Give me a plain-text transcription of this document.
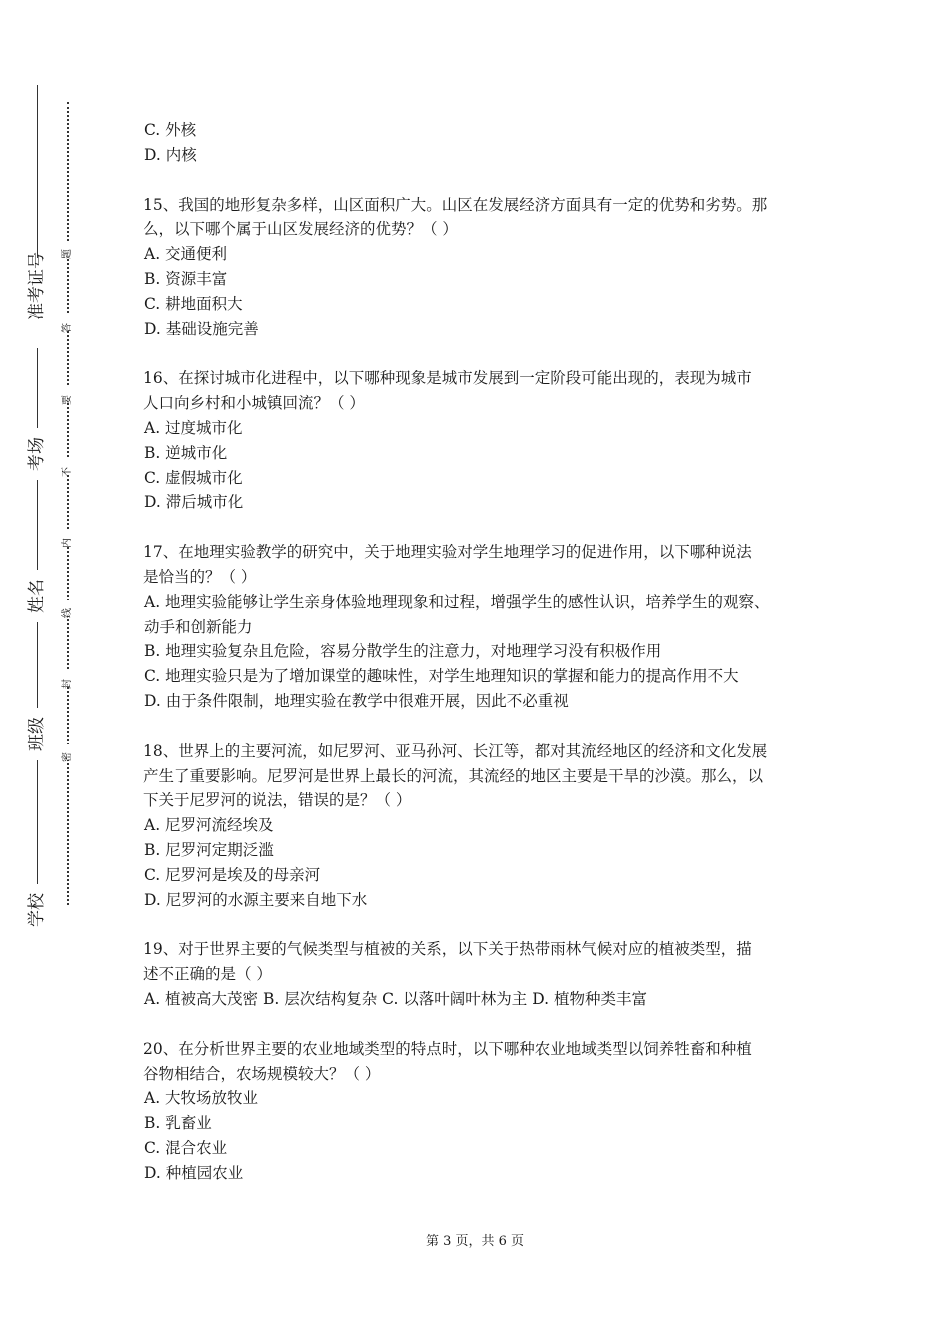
学校
班级
姓名
考场
准考证号	题
答
要
不
内
线
封
密
C. 外核
D. 内核
15、我国的地形复杂多样，山区面积广大。山区在发展经济方面具有一定的优势和劣势。那
么，以下哪个属于山区发展经济的优势？（ ）
A. 交通便利
B. 资源丰富
C. 耕地面积大
D. 基础设施完善
16、在探讨城市化进程中，以下哪种现象是城市发展到一定阶段可能出现的，表现为城市
人口向乡村和小城镇回流？（ ）
A. 过度城市化
B. 逆城市化
C. 虚假城市化
D. 滞后城市化
17、在地理实验教学的研究中，关于地理实验对学生地理学习的促进作用，以下哪种说法
是恰当的？（ ）
A. 地理实验能够让学生亲身体验地理现象和过程，增强学生的感性认识，培养学生的观察、
动手和创新能力
B. 地理实验复杂且危险，容易分散学生的注意力，对地理学习没有积极作用
C. 地理实验只是为了增加课堂的趣味性，对学生地理知识的掌握和能力的提高作用不大
D. 由于条件限制，地理实验在教学中很难开展，因此不必重视
18、世界上的主要河流，如尼罗河、亚马孙河、长江等，都对其流经地区的经济和文化发展
产生了重要影响。尼罗河是世界上最长的河流，其流经的地区主要是干旱的沙漠。那么，以
下关于尼罗河的说法，错误的是？（ ）
A. 尼罗河流经埃及
B. 尼罗河定期泛滥
C. 尼罗河是埃及的母亲河
D. 尼罗河的水源主要来自地下水
19、对于世界主要的气候类型与植被的关系，以下关于热带雨林气候对应的植被类型，描
述不正确的是（ ）
A. 植被高大茂密 B. 层次结构复杂 C. 以落叶阔叶林为主 D. 植物种类丰富
20、在分析世界主要的农业地域类型的特点时，以下哪种农业地域类型以饲养牲畜和种植
谷物相结合，农场规模较大？（ ）
A. 大牧场放牧业
B. 乳畜业
C. 混合农业
D. 种植园农业
第 3 页，共 6 页
